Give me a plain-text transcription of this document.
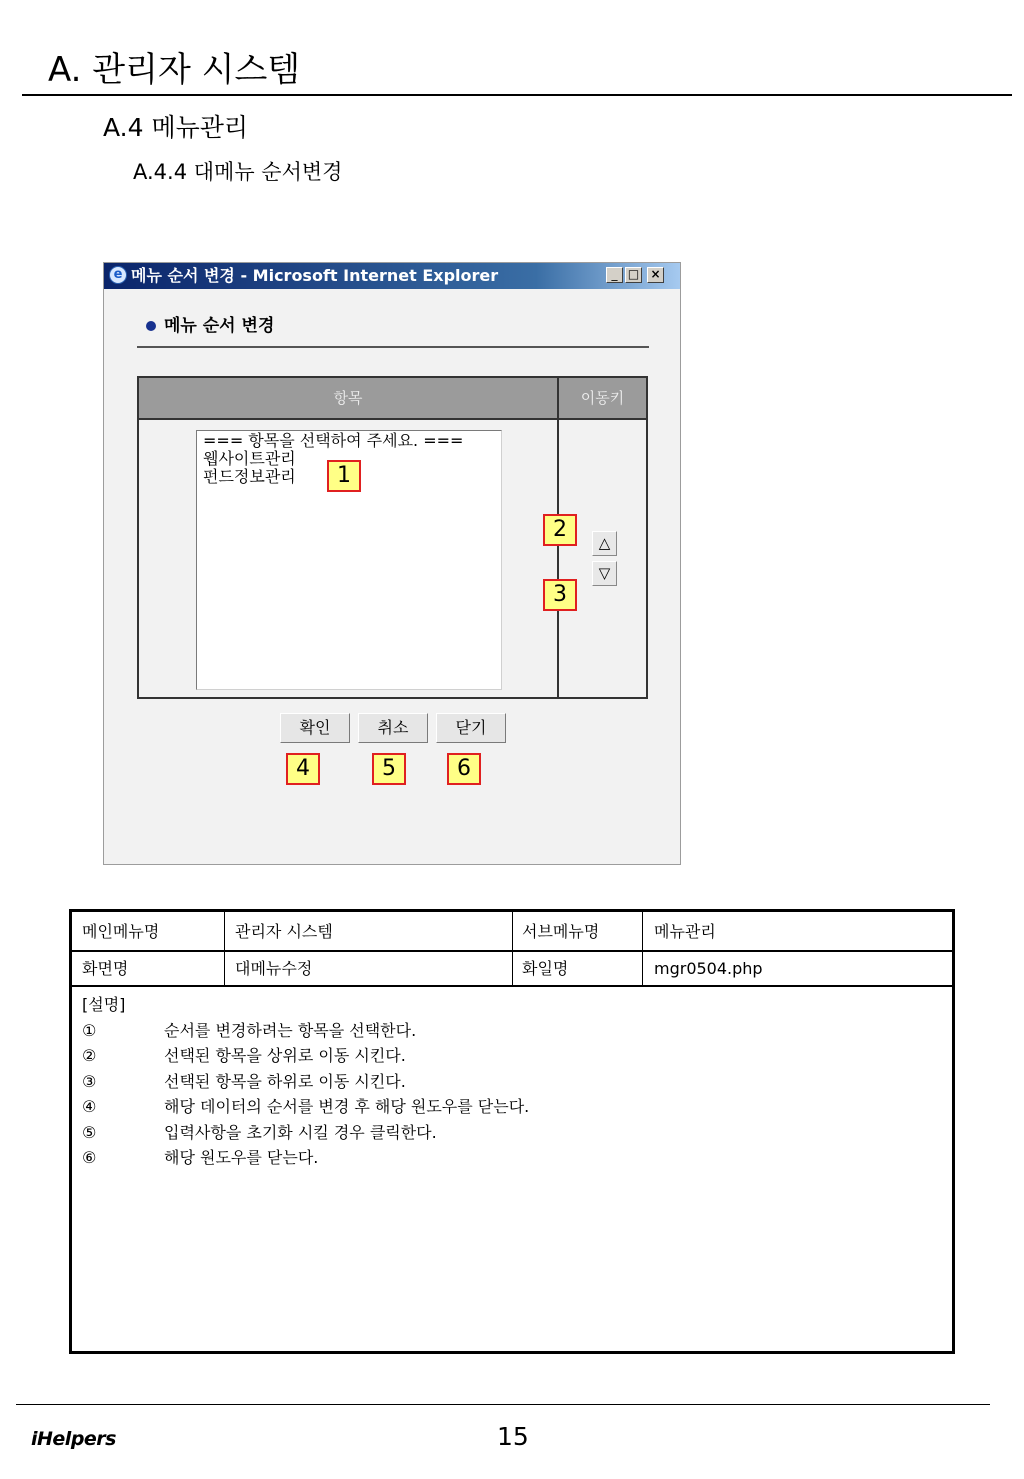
A. 관리자 시스템
A.4 메뉴관리
A.4.4 대메뉴 순서변경
e 메뉴 순서 변경 - Microsoft Internet Explorer	_ □ ×
메뉴 순서 변경
항목	이동키
=== 항목을 선택하여 주세요. ===
웹사이트관리
펀드정보관리
△
▽
1
2
3
확인	취소	닫기
4	5	6
메인메뉴명	관리자 시스템	서브메뉴명	메뉴관리
화면명	대메뉴수정	화일명	mgr0504.php
[설명]
①	순서를 변경하려는 항목을 선택한다.
②	선택된 항목을 상위로 이동 시킨다.
③	선택된 항목을 하위로 이동 시킨다.
④	해당 데이터의 순서를 변경 후 해당 원도우를 닫는다.
⑤	입력사항을 초기화 시킬 경우 클릭한다.
⑥	해당 원도우를 닫는다.
iHelpers	15
